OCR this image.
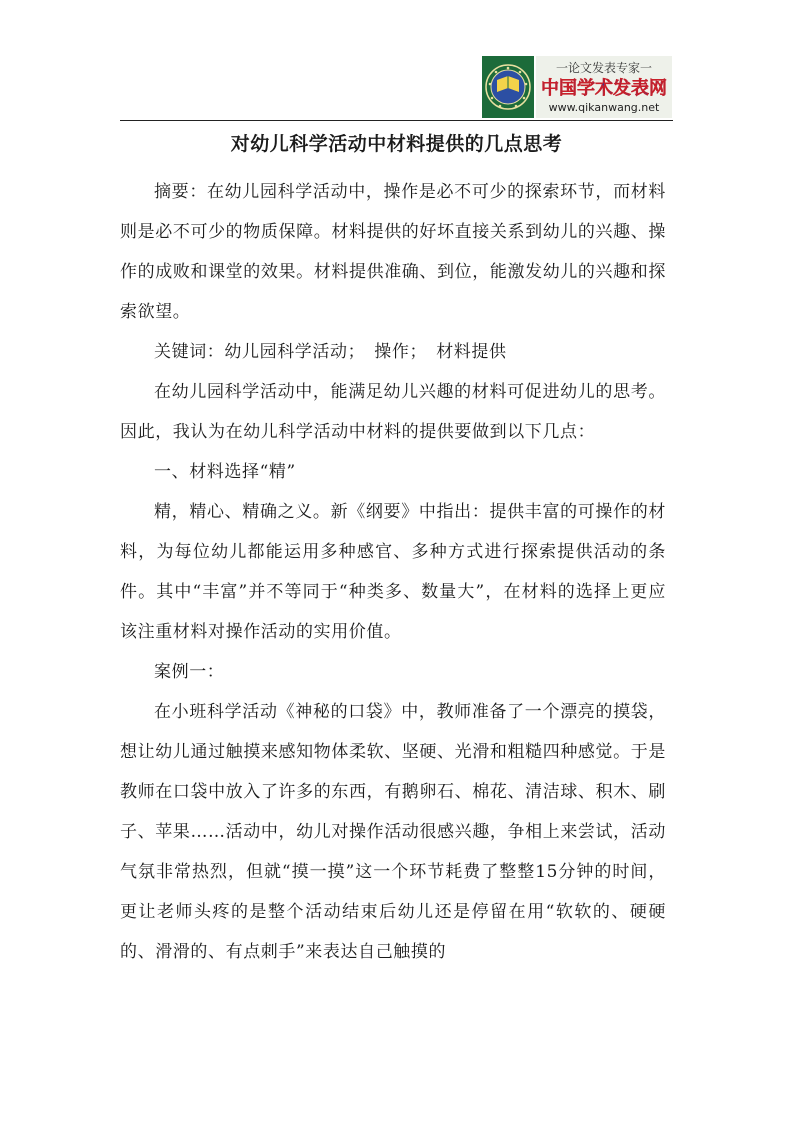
一论文发表专家一
中国学术发表网
www.qikanwang.net
对幼儿科学活动中材料提供的几点思考

摘要：在幼儿园科学活动中，操作是必不可少的探索环节，而材料则是必不可少的物质保障。材料提供的好坏直接关系到幼儿的兴趣、操作的成败和课堂的效果。材料提供准确、到位，能激发幼儿的兴趣和探索欲望。

关键词：幼儿园科学活动；　操作；　材料提供

在幼儿园科学活动中，能满足幼儿兴趣的材料可促进幼儿的思考。因此，我认为在幼儿科学活动中材料的提供要做到以下几点：

一、材料选择“精”

精，精心、精确之义。新《纲要》中指出：提供丰富的可操作的材料，为每位幼儿都能运用多种感官、多种方式进行探索提供活动的条件。其中“丰富”并不等同于“种类多、数量大”，在材料的选择上更应该注重材料对操作活动的实用价值。

案例一：

在小班科学活动《神秘的口袋》中，教师准备了一个漂亮的摸袋，想让幼儿通过触摸来感知物体柔软、坚硬、光滑和粗糙四种感觉。于是教师在口袋中放入了许多的东西，有鹅卵石、棉花、清洁球、积木、刷子、苹果……活动中，幼儿对操作活动很感兴趣，争相上来尝试，活动气氛非常热烈，但就“摸一摸”这一个环节耗费了整整15分钟的时间，更让老师头疼的是整个活动结束后幼儿还是停留在用“软软的、硬硬的、滑滑的、有点刺手”来表达自己触摸的
